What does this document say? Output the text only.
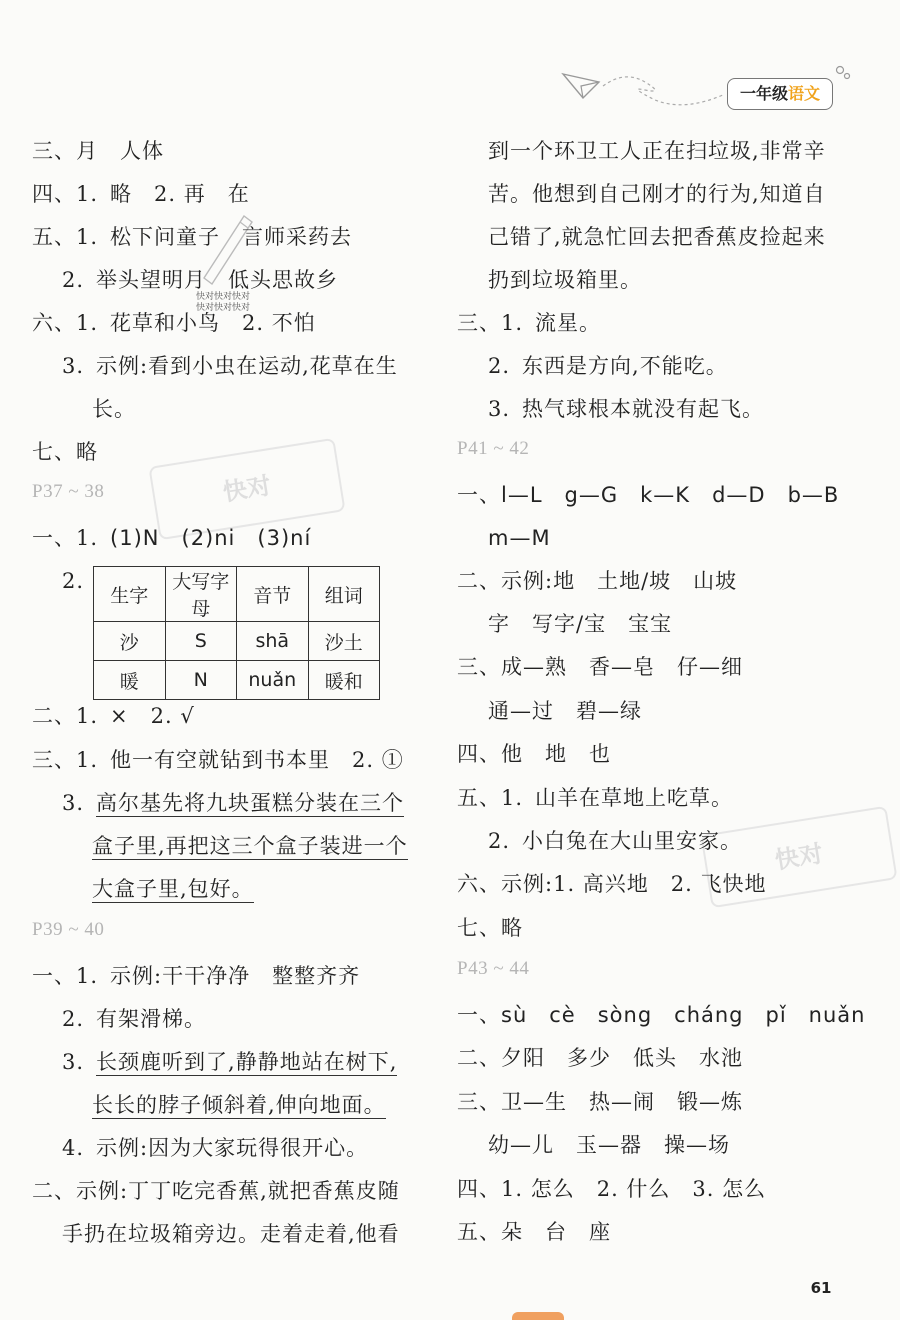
一年级语文
快对
快对
快对快对快对
快对快对快对
三、月　人体
四、1. 略 2. 再　在
五、1. 松下问童子　言师采药去
2. 举头望明月　低头思故乡
六、1. 花草和小鸟　2. 不怕
3. 示例:看到小虫在运动,花草在生
长。
七、略
P37 ~ 38
一、1. (1)N　(2)ni　(3)ní
2.
生字	大写字母	音节	组词
沙	S	shā	沙土
暖	N	nuǎn	暖和
二、1. ×　2. √
三、1. 他一有空就钻到书本里　2. ①
3. 高尔基先将九块蛋糕分装在三个
盒子里,再把这三个盒子装进一个
大盒子里,包好。
P39 ~ 40
一、1. 示例:干干净净　整整齐齐
2. 有架滑梯。
3. 长颈鹿听到了,静静地站在树下,
长长的脖子倾斜着,伸向地面。
4. 示例:因为大家玩得很开心。
二、示例:丁丁吃完香蕉,就把香蕉皮随
手扔在垃圾箱旁边。走着走着,他看
到一个环卫工人正在扫垃圾,非常辛
苦。他想到自己刚才的行为,知道自
己错了,就急忙回去把香蕉皮捡起来
扔到垃圾箱里。
三、1. 流星。
2. 东西是方向,不能吃。
3. 热气球根本就没有起飞。
P41 ~ 42
一、l—L　g—G　k—K　d—D　b—B
m—M
二、示例:地　土地/坡　山坡
字　写字/宝　宝宝
三、成—熟　香—皂　仔—细
通—过　碧—绿
四、他　地　也
五、1. 山羊在草地上吃草。
2. 小白兔在大山里安家。
六、示例:1. 高兴地　2. 飞快地
七、略
P43 ~ 44
一、sù　cè　sòng　cháng　pǐ　nuǎn
二、夕阳　多少　低头　水池
三、卫—生　热—闹　锻—炼
幼—儿　玉—器　操—场
四、1. 怎么　2. 什么　3. 怎么
五、朵　台　座
61
